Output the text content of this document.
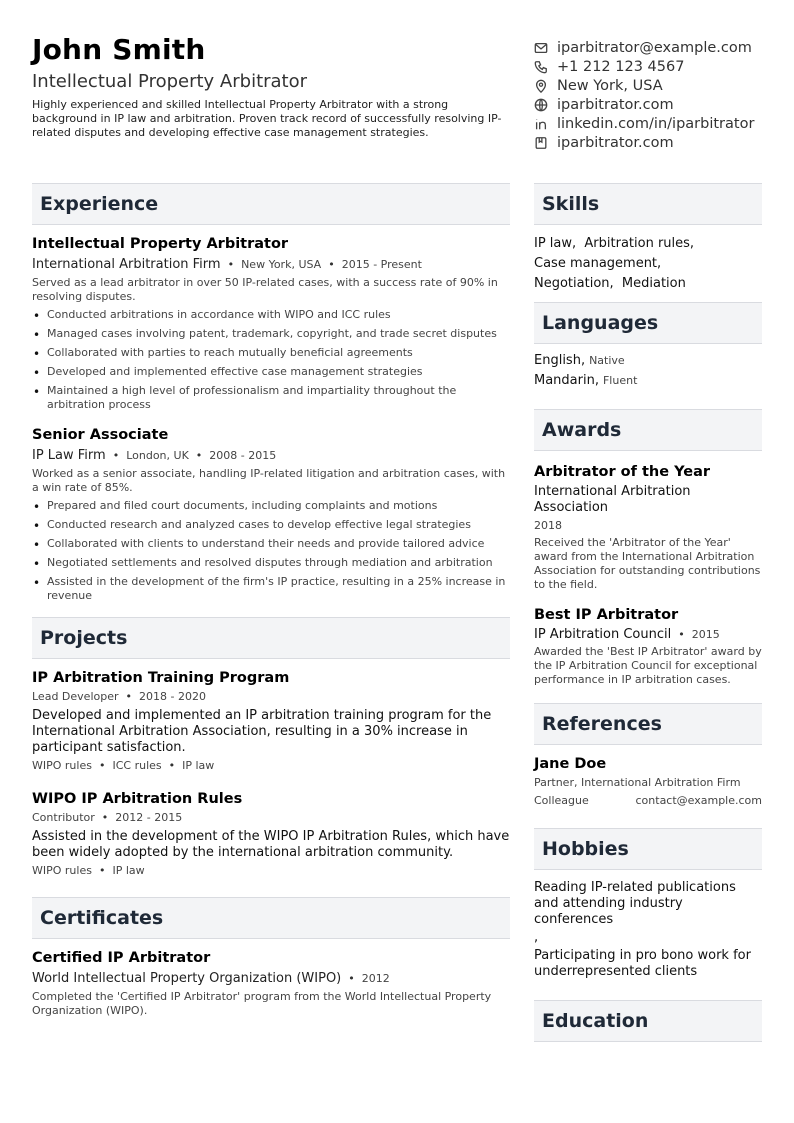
John Smith
Intellectual Property Arbitrator
Highly experienced and skilled Intellectual Property Arbitrator with a strong background in IP law and arbitration. Proven track record of successfully resolving IP-related disputes and developing effective case management strategies.
iparbitrator@example.com
+1 212 123 4567
New York, USA
iparbitrator.com
linkedin.com/in/iparbitrator
iparbitrator.com
Experience
Intellectual Property Arbitrator
International Arbitration Firm • New York, USA • 2015 - Present
Served as a lead arbitrator in over 50 IP-related cases, with a success rate of 90% in resolving disputes.
• Conducted arbitrations in accordance with WIPO and ICC rules
• Managed cases involving patent, trademark, copyright, and trade secret disputes
• Collaborated with parties to reach mutually beneficial agreements
• Developed and implemented effective case management strategies
• Maintained a high level of professionalism and impartiality throughout the arbitration process
Senior Associate
IP Law Firm • London, UK • 2008 - 2015
Worked as a senior associate, handling IP-related litigation and arbitration cases, with a win rate of 85%.
• Prepared and filed court documents, including complaints and motions
• Conducted research and analyzed cases to develop effective legal strategies
• Collaborated with clients to understand their needs and provide tailored advice
• Negotiated settlements and resolved disputes through mediation and arbitration
• Assisted in the development of the firm's IP practice, resulting in a 25% increase in revenue
Projects
IP Arbitration Training Program
Lead Developer • 2018 - 2020
Developed and implemented an IP arbitration training program for the International Arbitration Association, resulting in a 30% increase in participant satisfaction.
WIPO rules • ICC rules • IP law
WIPO IP Arbitration Rules
Contributor • 2012 - 2015
Assisted in the development of the WIPO IP Arbitration Rules, which have been widely adopted by the international arbitration community.
WIPO rules • IP law
Certificates
Certified IP Arbitrator
World Intellectual Property Organization (WIPO) • 2012
Completed the 'Certified IP Arbitrator' program from the World Intellectual Property Organization (WIPO).
Skills
IP law,  Arbitration rules,
Case management,
Negotiation,  Mediation
Languages
English, Native
Mandarin, Fluent
Awards
Arbitrator of the Year
International Arbitration Association
2018
Received the 'Arbitrator of the Year' award from the International Arbitration Association for outstanding contributions to the field.
Best IP Arbitrator
IP Arbitration Council • 2015
Awarded the 'Best IP Arbitrator' award by the IP Arbitration Council for exceptional performance in IP arbitration cases.
References
Jane Doe
Partner, International Arbitration Firm
Colleague	contact@example.com
Hobbies
Reading IP-related publications and attending industry conferences
,
Participating in pro bono work for underrepresented clients
Education
